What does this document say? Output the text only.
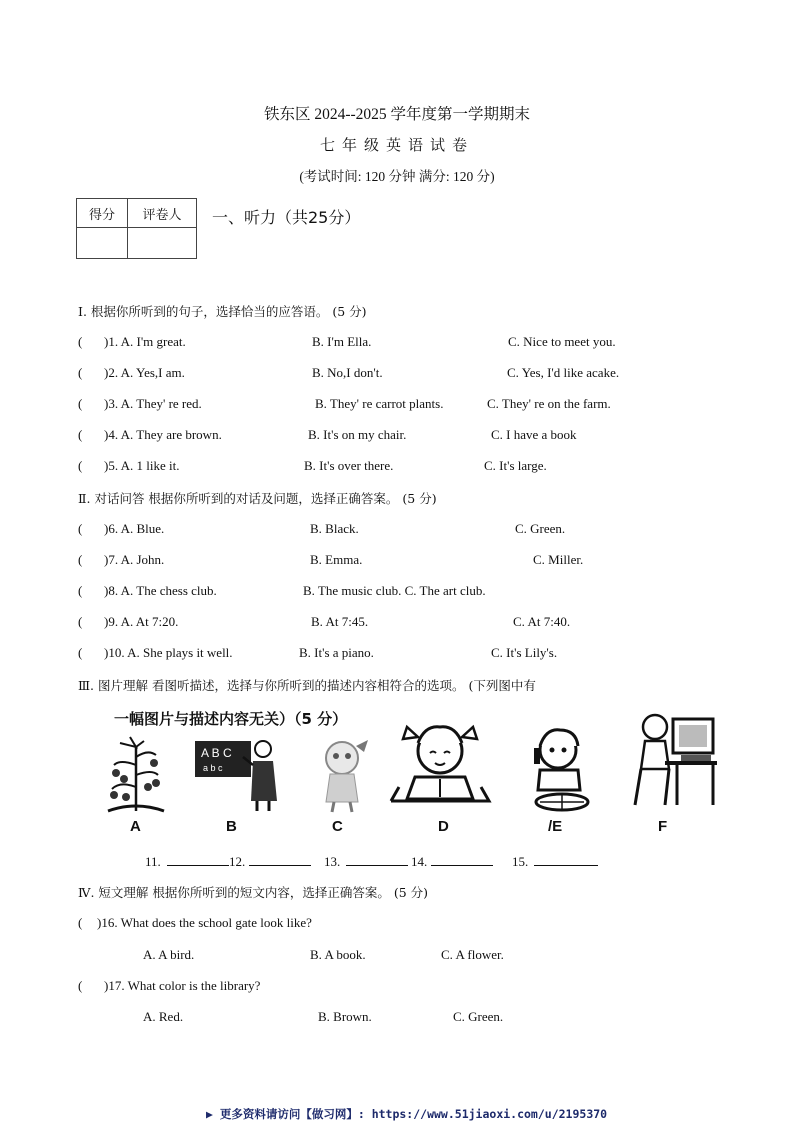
铁东区 2024--2025 学年度第一学期期末
七年级英语试卷
(考试时间: 120 分钟 满分: 120 分)
得分	评卷人
	一、听力（共25分）
Ⅰ. 根据你所听到的句子，选择恰当的应答语。 (5 分)
( )1. A. I'm great.	B. I'm Ella.	C. Nice to meet you.
( )2. A. Yes,I am.	B. No,I don't.	C. Yes, I'd like acake.
( )3. A. They' re red.	B. They' re carrot plants.	C. They' re on the farm.
( )4. A. They are brown.	B. It's on my chair.	C. I have a book
( )5. A. 1 like it.	B. It's over there.	C. It's large.
Ⅱ. 对话问答 根据你所听到的对话及问题，选择正确答案。 (5 分)
( )6. A. Blue.	B. Black.	C. Green.
( )7. A. John.	B. Emma.	C. Miller.
( )8. A. The chess club.	B. The music club. C. The art club.
( )9. A. At 7:20.	B. At 7:45.	C. At 7:40.
( )10. A. She plays it well.	B. It's a piano.	C. It's Lily's.
Ⅲ. 图片理解 看图听描述，选择与你所听到的描述内容相符合的选项。 (下列图中有
一幅图片与描述内容无关）（5 分）
A B C
a b c
A	B	C	D	/E	F
11.	12.	13.	14.	15.
Ⅳ. 短文理解 根据你所听到的短文内容，选择正确答案。 (5 分)
( )16. What does the school gate look like?
A. A bird.	B. A book.	C. A flower.
( )17. What color is the library?
A. Red.	B. Brown.	C. Green.
▶ 更多资料请访问【做习网】: https://www.51jiaoxi.com/u/2195370
